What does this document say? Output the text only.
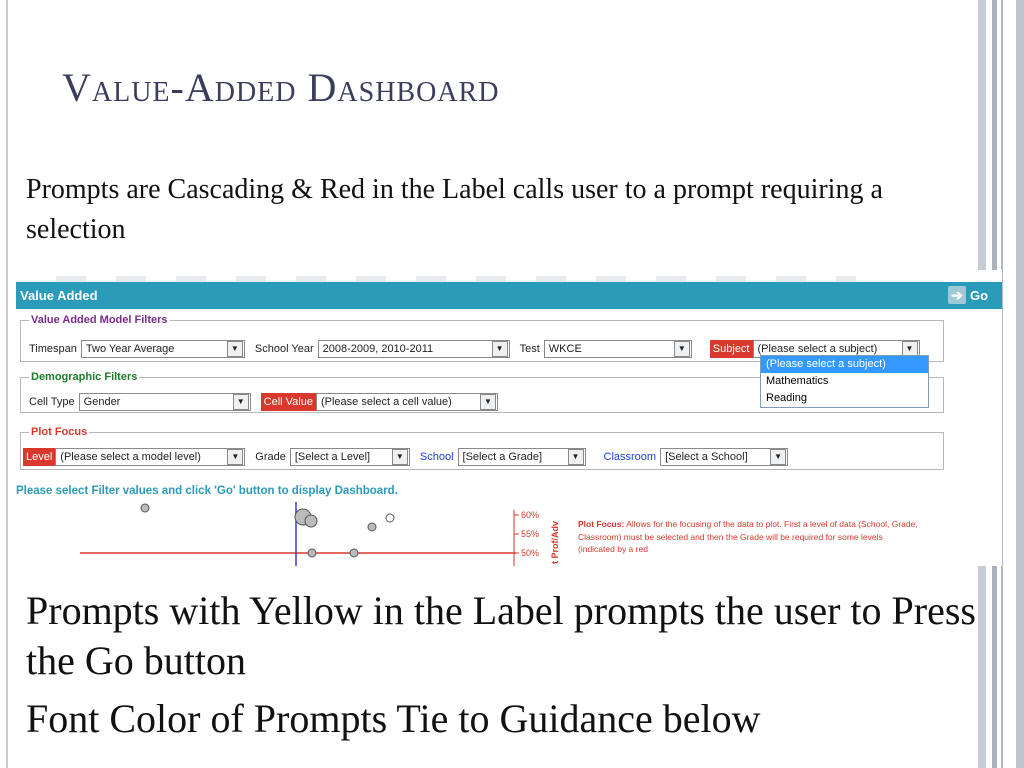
Value-Added Dashboard
Prompts are Cascading & Red in the Label calls user to a prompt requiring a selection
Value Added	➔ Go
Value Added Model Filters
Timespan Two Year Average	▼	School Year 2008-2009, 2010-2011	▼	Test WKCE	▼	Subject (Please select a subject)	▼
Demographic Filters
Cell Type Gender	▼	Cell Value (Please select a cell value)	▼
Plot Focus
Level (Please select a model level)	▼	Grade [Select a Level]	▼	School [Select a Grade]	▼	Classroom [Select a School]	▼
(Please select a subject)
Mathematics
Reading
Please select Filter values and click 'Go' button to display Dashboard.
60%
55%
50% t Prof/Adv Plot Focus: Allows for the focusing of the data to plot. First a level of data (School, Grade, Classroom) must be selected and then the Grade will be required for some levels (indicated by a red

Prompts with Yellow in the Label prompts the user to Press the Go button

Font Color of Prompts Tie to Guidance below
